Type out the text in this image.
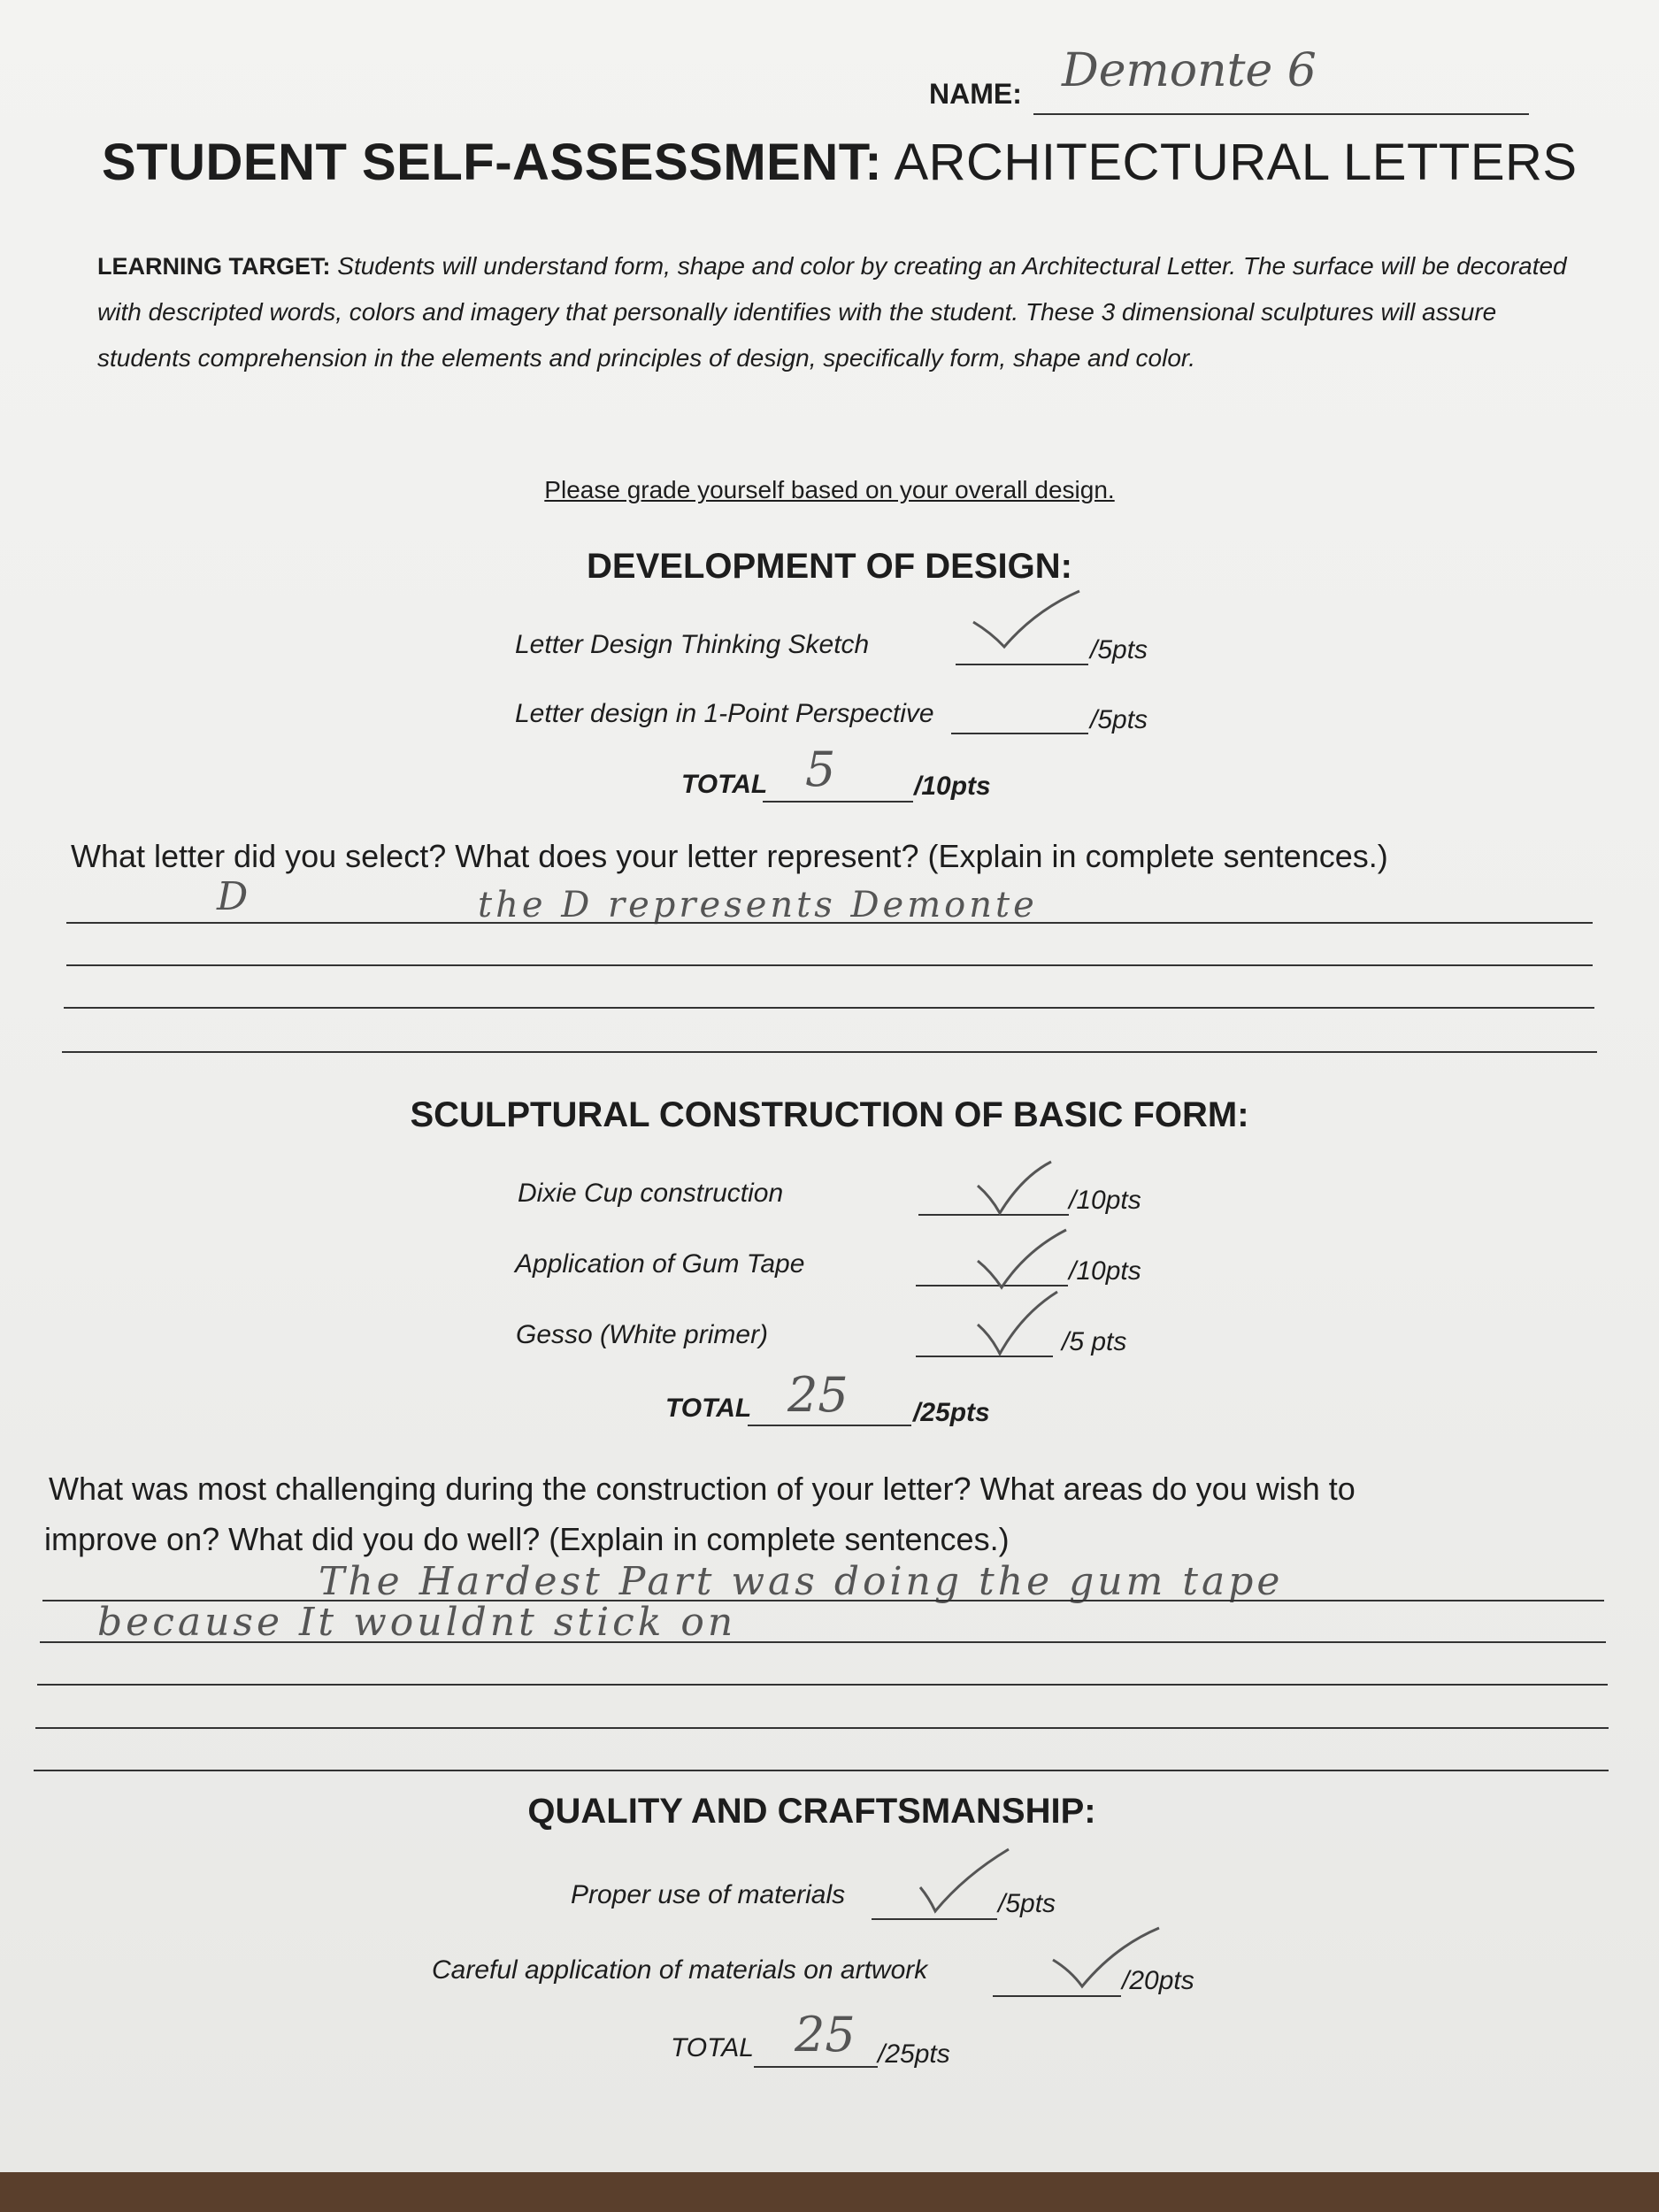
NAME: Demonte 6
STUDENT SELF-ASSESSMENT: ARCHITECTURAL LETTERS
LEARNING TARGET: Students will understand form, shape and color by creating an Architectural Letter. The surface will be decorated with descripted words, colors and imagery that personally identifies with the student. These 3 dimensional sculptures will assure students comprehension in the elements and principles of design, specifically form, shape and color.
Please grade yourself based on your overall design.
DEVELOPMENT OF DESIGN:
Letter Design Thinking Sketch	/5pts
Letter design in 1-Point Perspective	/5pts
TOTAL 5	/10pts
What letter did you select? What does your letter represent? (Explain in complete sentences.)
D	the D represents Demonte
SCULPTURAL CONSTRUCTION OF BASIC FORM:
Dixie Cup construction	/10pts
Application of Gum Tape	/10pts
Gesso (White primer)	/5 pts
TOTAL 25 /25pts
What was most challenging during the construction of your letter? What areas do you wish to
improve on? What did you do well? (Explain in complete sentences.)
The Hardest Part was doing the gum tape
because It wouldnt stick on
QUALITY AND CRAFTSMANSHIP:
Proper use of materials	/5pts
Careful application of materials on artwork	/20pts
TOTAL 25 /25pts
